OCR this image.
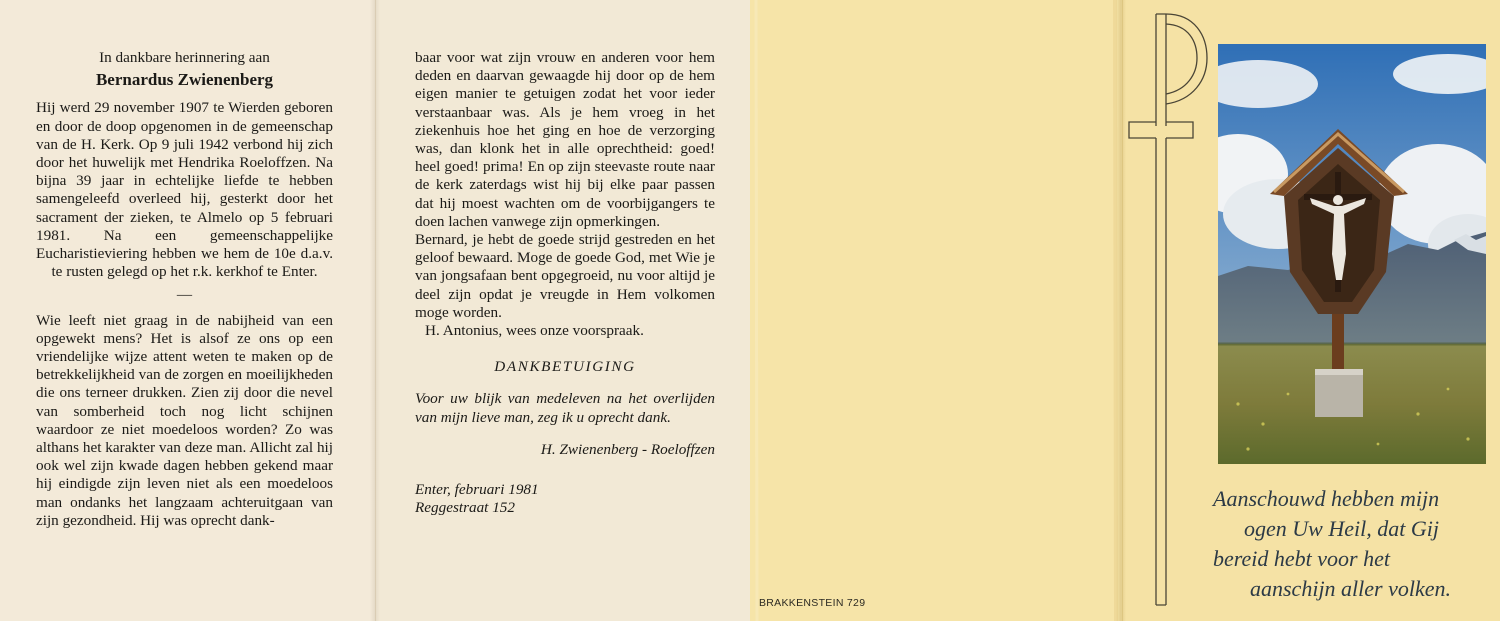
In dankbare herinnering aan

Bernardus Zwienenberg

Hij werd 29 november 1907 te Wierden geboren en door de doop opgenomen in de gemeenschap van de H. Kerk. Op 9 juli 1942 verbond hij zich door het huwelijk met Hendrika Roeloffzen. Na bijna 39 jaar in echtelijke liefde te hebben samengeleefd overleed hij, gesterkt door het sacrament der zieken, te Almelo op 5 februari 1981. Na een gemeenschappelijke Eucharistieviering hebben we hem de 10e d.a.v. te rusten gelegd op het r.k. kerkhof te Enter.

—

Wie leeft niet graag in de nabijheid van een opgewekt mens? Het is alsof ze ons op een vriendelijke wijze attent weten te maken op de betrekkelijkheid van de zorgen en moeilijkheden die ons terneer drukken. Zien zij door die nevel van somberheid toch nog licht schijnen waardoor ze niet moedeloos worden? Zo was althans het karakter van deze man. Allicht zal hij ook wel zijn kwade dagen hebben gekend maar hij eindigde zijn leven niet als een moedeloos man ondanks het langzaam achteruitgaan van zijn gezondheid. Hij was oprecht dank-

baar voor wat zijn vrouw en anderen voor hem deden en daarvan gewaagde hij door op de hem eigen manier te getuigen zodat het voor ieder verstaanbaar was. Als je hem vroeg in het ziekenhuis hoe het ging en hoe de verzorging was, dan klonk het in alle oprechtheid: goed! heel goed! prima! En op zijn steevaste route naar de kerk zaterdags wist hij bij elke paar passen dat hij moest wachten om de voorbijgangers te doen lachen vanwege zijn opmerkingen.

Bernard, je hebt de goede strijd gestreden en het geloof bewaard. Moge de goede God, met Wie je van jongsafaan bent opgegroeid, nu voor altijd je deel zijn opdat je vreugde in Hem volkomen moge worden.

H. Antonius, wees onze voorspraak.

DANKBETUIGING

Voor uw blijk van medeleven na het overlijden van mijn lieve man, zeg ik u oprecht dank.

H. Zwienenberg - Roeloffzen

Enter, februari 1981

Reggestraat 152

BRAKKENSTEIN 729
Aanschouwd hebben mijn
ogen Uw Heil, dat Gij
bereid hebt voor het
aanschijn aller volken.
